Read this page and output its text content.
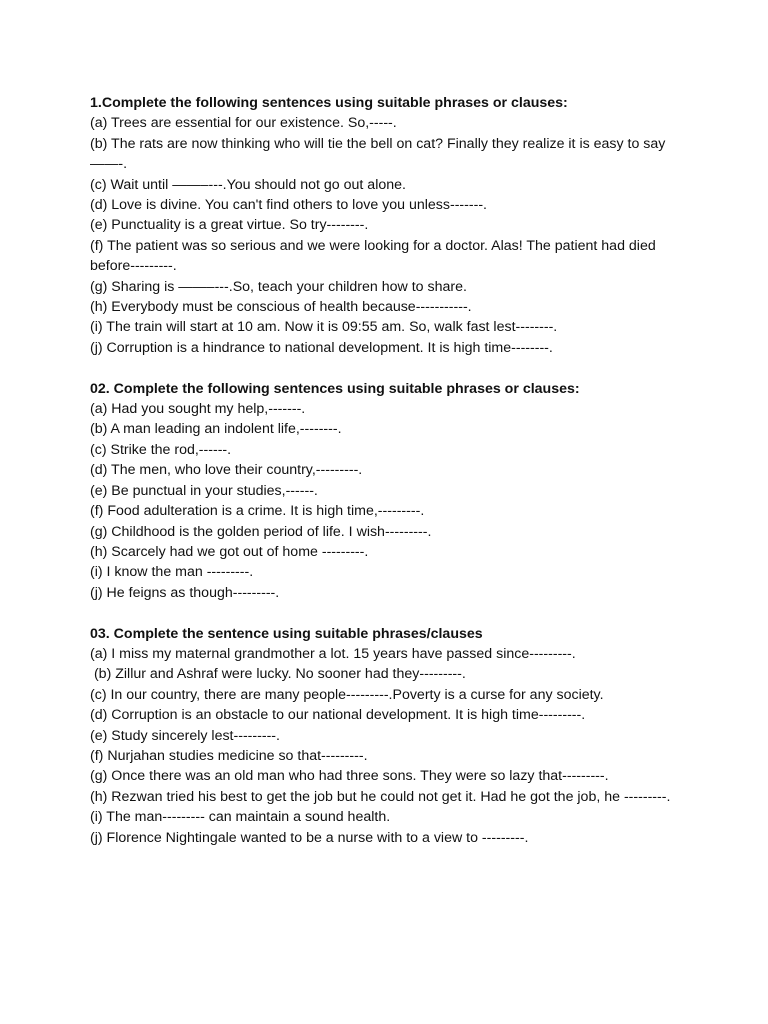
1.Complete the following sentences using suitable phrases or clauses:

(a) Trees are essential for our existence. So,-----.

(b) The rats are now thinking who will tie the bell on cat? Finally they realize it is easy to say
——-.

(c) Wait until ——–---.You should not go out alone.

(d) Love is divine. You can't find others to love you unless-------.

(e) Punctuality is a great virtue. So try--------.

(f) The patient was so serious and we were looking for a doctor. Alas! The patient had died before---------.

(g) Sharing is ——–---.So, teach your children how to share.

(h) Everybody must be conscious of health because-----------.

(i) The train will start at 10 am. Now it is 09:55 am. So, walk fast lest--------.

(j) Corruption is a hindrance to national development. It is high time--------.

02. Complete the following sentences using suitable phrases or clauses:

(a) Had you sought my help,-------.

(b) A man leading an indolent life,--------.

(c) Strike the rod,------.

(d) The men, who love their country,---------.

(e) Be punctual in your studies,------.

(f) Food adulteration is a crime. It is high time,---------.

(g) Childhood is the golden period of life. I wish---------.

(h) Scarcely had we got out of home ---------.

(i) I know the man ---------.

(j) He feigns as though---------.

03. Complete the sentence using suitable phrases/clauses

(a) I miss my maternal grandmother a lot. 15 years have passed since---------.

(b) Zillur and Ashraf were lucky. No sooner had they---------.

(c) In our country, there are many people---------.Poverty is a curse for any society.

(d) Corruption is an obstacle to our national development. It is high time---------.

(e) Study sincerely lest---------.

(f) Nurjahan studies medicine so that---------.

(g) Once there was an old man who had three sons. They were so lazy that---------.

(h) Rezwan tried his best to get the job but he could not get it. Had he got the job, he ---------.

(i) The man--------- can maintain a sound health.

(j) Florence Nightingale wanted to be a nurse with to a view to ---------.
